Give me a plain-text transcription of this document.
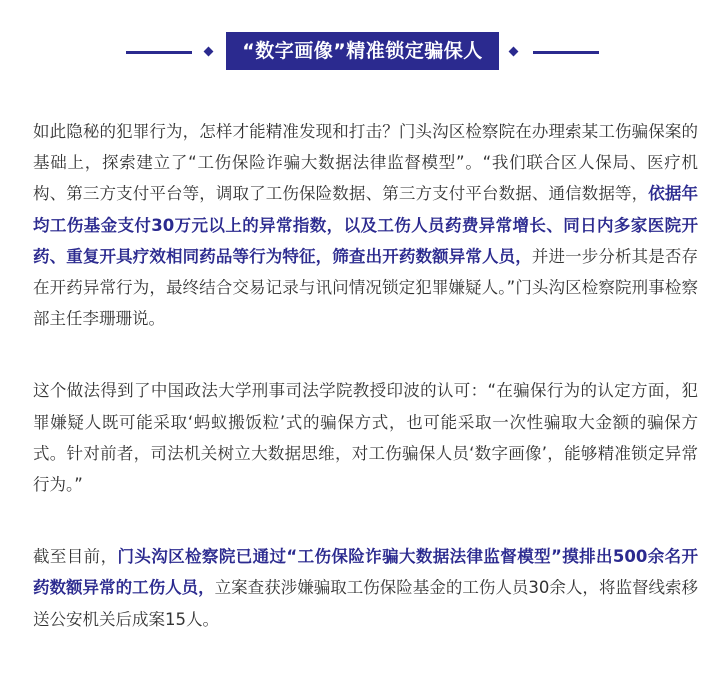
“数字画像”精准锁定骗保人

如此隐秘的犯罪行为，怎样才能精准发现和打击？门头沟区检察院在办理索某工伤骗保案的基础上，探索建立了“工伤保险诈骗大数据法律监督模型”。“我们联合区人保局、医疗机构、第三方支付平台等，调取了工伤保险数据、第三方支付平台数据、通信数据等，依据年均工伤基金支付30万元以上的异常指数，以及工伤人员药费异常增长、同日内多家医院开药、重复开具疗效相同药品等行为特征，筛查出开药数额异常人员，并进一步分析其是否存在开药异常行为，最终结合交易记录与讯问情况锁定犯罪嫌疑人。”门头沟区检察院刑事检察部主任李珊珊说。

这个做法得到了中国政法大学刑事司法学院教授印波的认可：“在骗保行为的认定方面，犯罪嫌疑人既可能采取‘蚂蚁搬饭粒’式的骗保方式，也可能采取一次性骗取大金额的骗保方式。针对前者，司法机关树立大数据思维，对工伤骗保人员‘数字画像’，能够精准锁定异常行为。”

截至目前，门头沟区检察院已通过“工伤保险诈骗大数据法律监督模型”摸排出500余名开药数额异常的工伤人员，立案查获涉嫌骗取工伤保险基金的工伤人员30余人，将监督线索移送公安机关后成案15人。
